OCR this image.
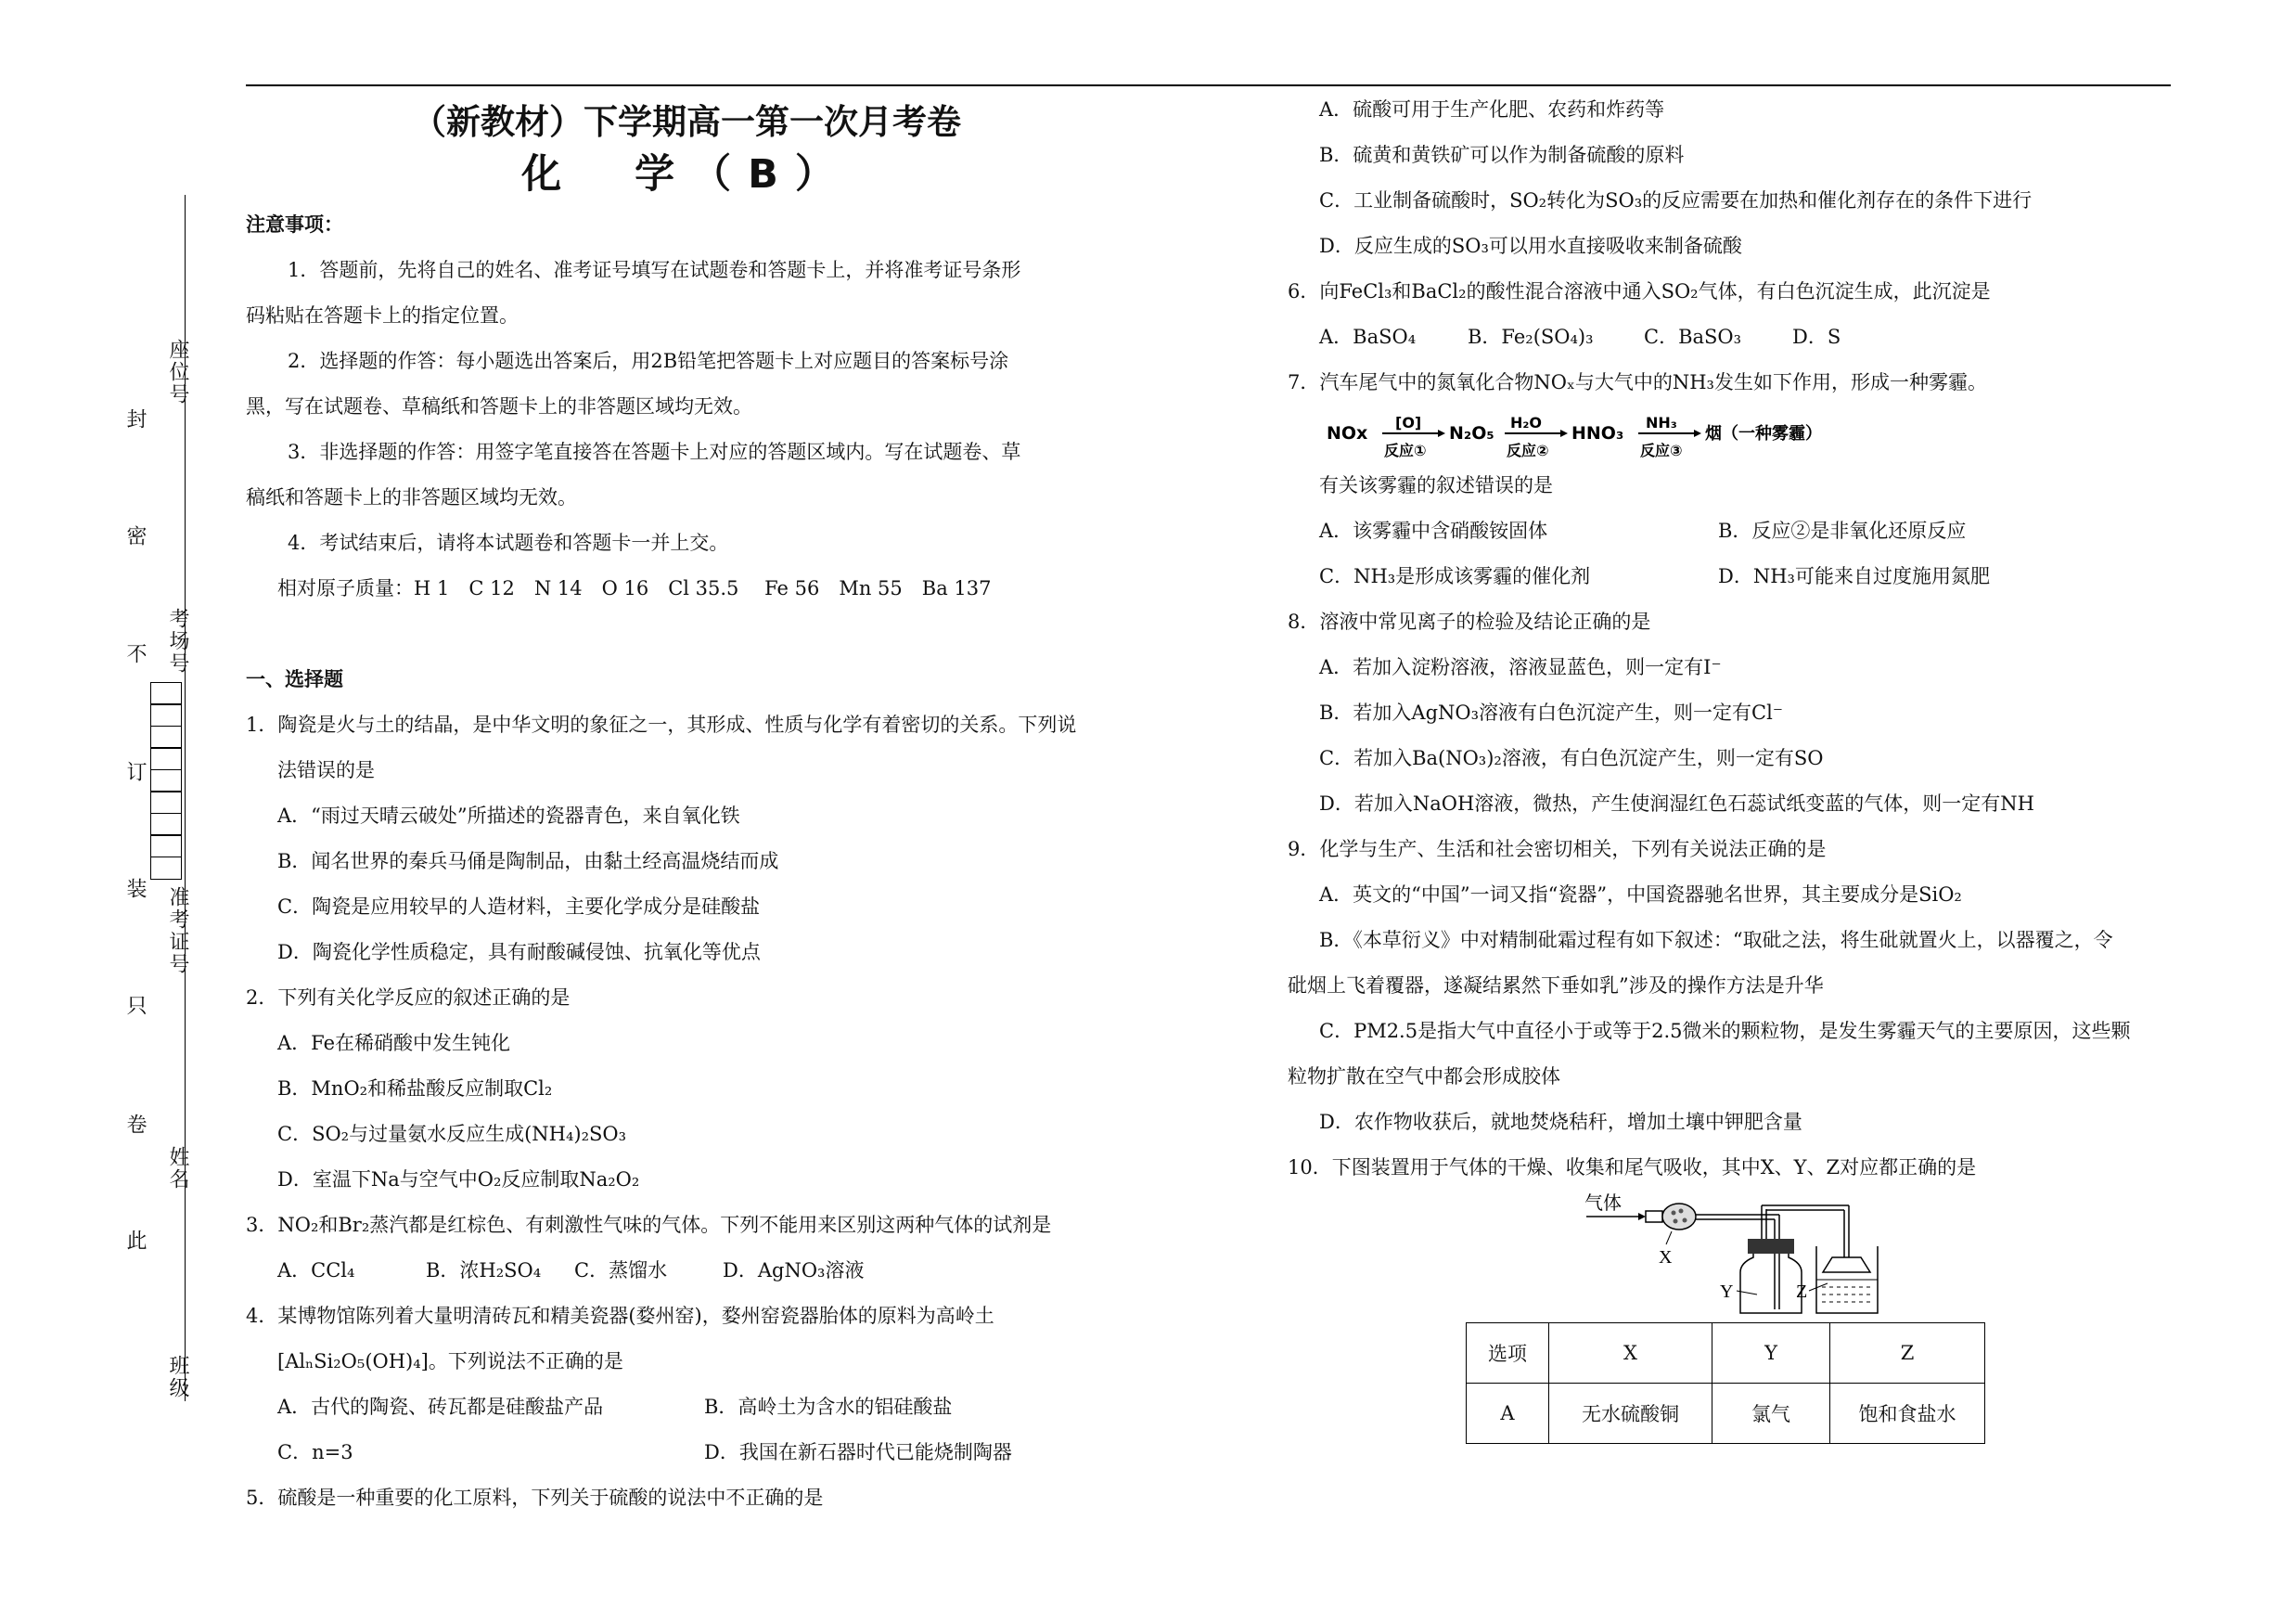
封
密
不
订
装
只
卷
此
座位号
考场号
准考证号
姓名
班级
（新教材）下学期高一第一次月考卷
化　学（B）
注意事项：
1．答题前，先将自己的姓名、准考证号填写在试题卷和答题卡上，并将准考证号条形
码粘贴在答题卡上的指定位置。
2．选择题的作答：每小题选出答案后，用2B铅笔把答题卡上对应题目的答案标号涂
黑，写在试题卷、草稿纸和答题卡上的非答题区域均无效。
3．非选择题的作答：用签字笔直接答在答题卡上对应的答题区域内。写在试题卷、草
稿纸和答题卡上的非答题区域均无效。
4．考试结束后，请将本试题卷和答题卡一并上交。
相对原子质量：H 1　C 12　N 14　O 16　Cl 35.5　 Fe 56　Mn 55　Ba 137
一、选择题
1．陶瓷是火与土的结晶，是中华文明的象征之一，其形成、性质与化学有着密切的关系。下列说
法错误的是
A．“雨过天晴云破处”所描述的瓷器青色，来自氧化铁
B．闻名世界的秦兵马俑是陶制品，由黏土经高温烧结而成
C．陶瓷是应用较早的人造材料，主要化学成分是硅酸盐
D．陶瓷化学性质稳定，具有耐酸碱侵蚀、抗氧化等优点
2．下列有关化学反应的叙述正确的是
A．Fe在稀硝酸中发生钝化
B．MnO₂和稀盐酸反应制取Cl₂
C．SO₂与过量氨水反应生成(NH₄)₂SO₃
D．室温下Na与空气中O₂反应制取Na₂O₂
3．NO₂和Br₂蒸汽都是红棕色、有刺激性气味的气体。下列不能用来区别这两种气体的试剂是
A．CCl₄	B．浓H₂SO₄ C．蒸馏水	D．AgNO₃溶液
4．某博物馆陈列着大量明清砖瓦和精美瓷器(婺州窑)，婺州窑瓷器胎体的原料为高岭土
[AlₙSi₂O₅(OH)₄]。下列说法不正确的是
A．古代的陶瓷、砖瓦都是硅酸盐产品	B．高岭土为含水的铝硅酸盐
C．n=3	D．我国在新石器时代已能烧制陶器
5．硫酸是一种重要的化工原料，下列关于硫酸的说法中不正确的是
A．硫酸可用于生产化肥、农药和炸药等
B．硫黄和黄铁矿可以作为制备硫酸的原料
C．工业制备硫酸时，SO₂转化为SO₃的反应需要在加热和催化剂存在的条件下进行
D．反应生成的SO₃可以用水直接吸收来制备硫酸
6．向FeCl₃和BaCl₂的酸性混合溶液中通入SO₂气体，有白色沉淀生成，此沉淀是
A．BaSO₄	B．Fe₂(SO₄)₃	C．BaSO₃	D．S
7．汽车尾气中的氮氧化合物NOₓ与大气中的NH₃发生如下作用，形成一种雾霾。
NOx
[O]
反应①
N₂O₅
H₂O
反应②
HNO₃
NH₃
反应③
烟（一种雾霾）
有关该雾霾的叙述错误的是
A．该雾霾中含硝酸铵固体	B．反应②是非氧化还原反应
C．NH₃是形成该雾霾的催化剂	D．NH₃可能来自过度施用氮肥
8．溶液中常见离子的检验及结论正确的是
A．若加入淀粉溶液，溶液显蓝色，则一定有I⁻
B．若加入AgNO₃溶液有白色沉淀产生，则一定有Cl⁻
C．若加入Ba(NO₃)₂溶液，有白色沉淀产生，则一定有SO
D．若加入NaOH溶液，微热，产生使润湿红色石蕊试纸变蓝的气体，则一定有NH
9．化学与生产、生活和社会密切相关，下列有关说法正确的是
A．英文的“中国”一词又指“瓷器”，中国瓷器驰名世界，其主要成分是SiO₂
B．《本草衍义》中对精制砒霜过程有如下叙述：“取砒之法，将生砒就置火上，以器覆之，令
砒烟上飞着覆器，遂凝结累然下垂如乳”涉及的操作方法是升华
C．PM2.5是指大气中直径小于或等于2.5微米的颗粒物，是发生雾霾天气的主要原因，这些颗
粒物扩散在空气中都会形成胶体
D．农作物收获后，就地焚烧秸秆，增加土壤中钾肥含量
10．下图装置用于气体的干燥、收集和尾气吸收，其中X、Y、Z对应都正确的是
气体
X
Y	Z
选项	X	Y	Z
A	无水硫酸铜	氯气	饱和食盐水
